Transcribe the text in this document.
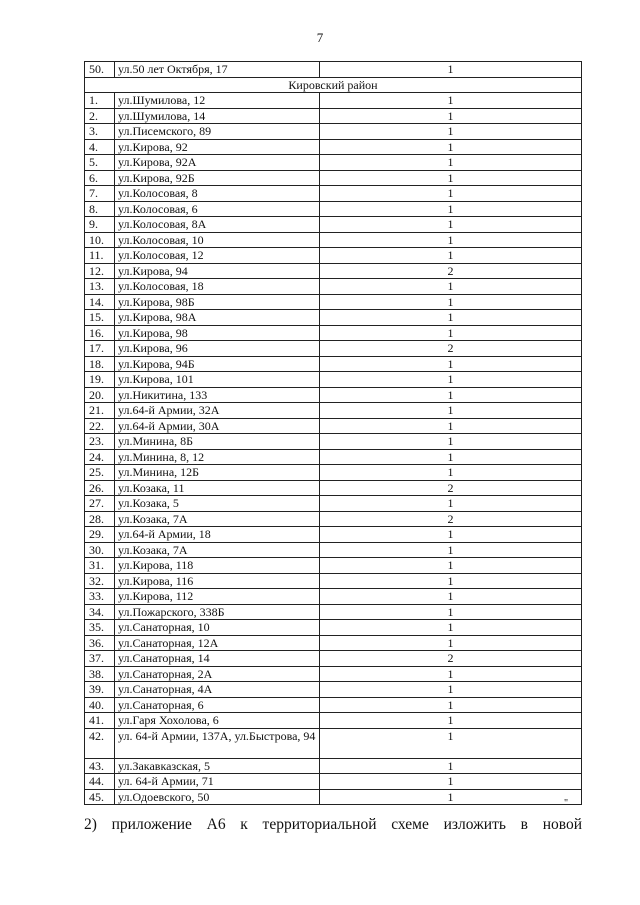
7
50.	ул.50 лет Октября, 17	1
Кировский район		
1.	ул.Шумилова, 12	1
2.	ул.Шумилова, 14	1
3.	ул.Писемского, 89	1
4.	ул.Кирова, 92	1
5.	ул.Кирова, 92А	1
6.	ул.Кирова, 92Б	1
7.	ул.Колосовая, 8	1
8.	ул.Колосовая, 6	1
9.	ул.Колосовая, 8А	1
10.	ул.Колосовая, 10	1
11.	ул.Колосовая, 12	1
12.	ул.Кирова, 94	2
13.	ул.Колосовая, 18	1
14.	ул.Кирова, 98Б	1
15.	ул.Кирова, 98А	1
16.	ул.Кирова, 98	1
17.	ул.Кирова, 96	2
18.	ул.Кирова, 94Б	1
19.	ул.Кирова, 101	1
20.	ул.Никитина, 133	1
21.	ул.64-й Армии, 32А	1
22.	ул.64-й Армии, 30А	1
23.	ул.Минина, 8Б	1
24.	ул.Минина, 8, 12	1
25.	ул.Минина, 12Б	1
26.	ул.Козака, 11	2
27.	ул.Козака, 5	1
28.	ул.Козака, 7А	2
29.	ул.64-й Армии, 18	1
30.	ул.Козака, 7А	1
31.	ул.Кирова, 118	1
32.	ул.Кирова, 116	1
33.	ул.Кирова, 112	1
34.	ул.Пожарского, 338Б	1
35.	ул.Санаторная, 10	1
36.	ул.Санаторная, 12А	1
37.	ул.Санаторная, 14	2
38.	ул.Санаторная, 2А	1
39.	ул.Санаторная, 4А	1
40.	ул.Санаторная, 6	1
41.	ул.Гаря Хохолова, 6	1
42.	ул. 64-й Армии, 137А, ул.Быстрова, 94	1
43.	ул.Закавказская, 5	1
44.	ул. 64-й Армии, 71	1
45.	ул.Одоевского, 50	1	"
2) приложение А6 к территориальной схеме изложить в новой
